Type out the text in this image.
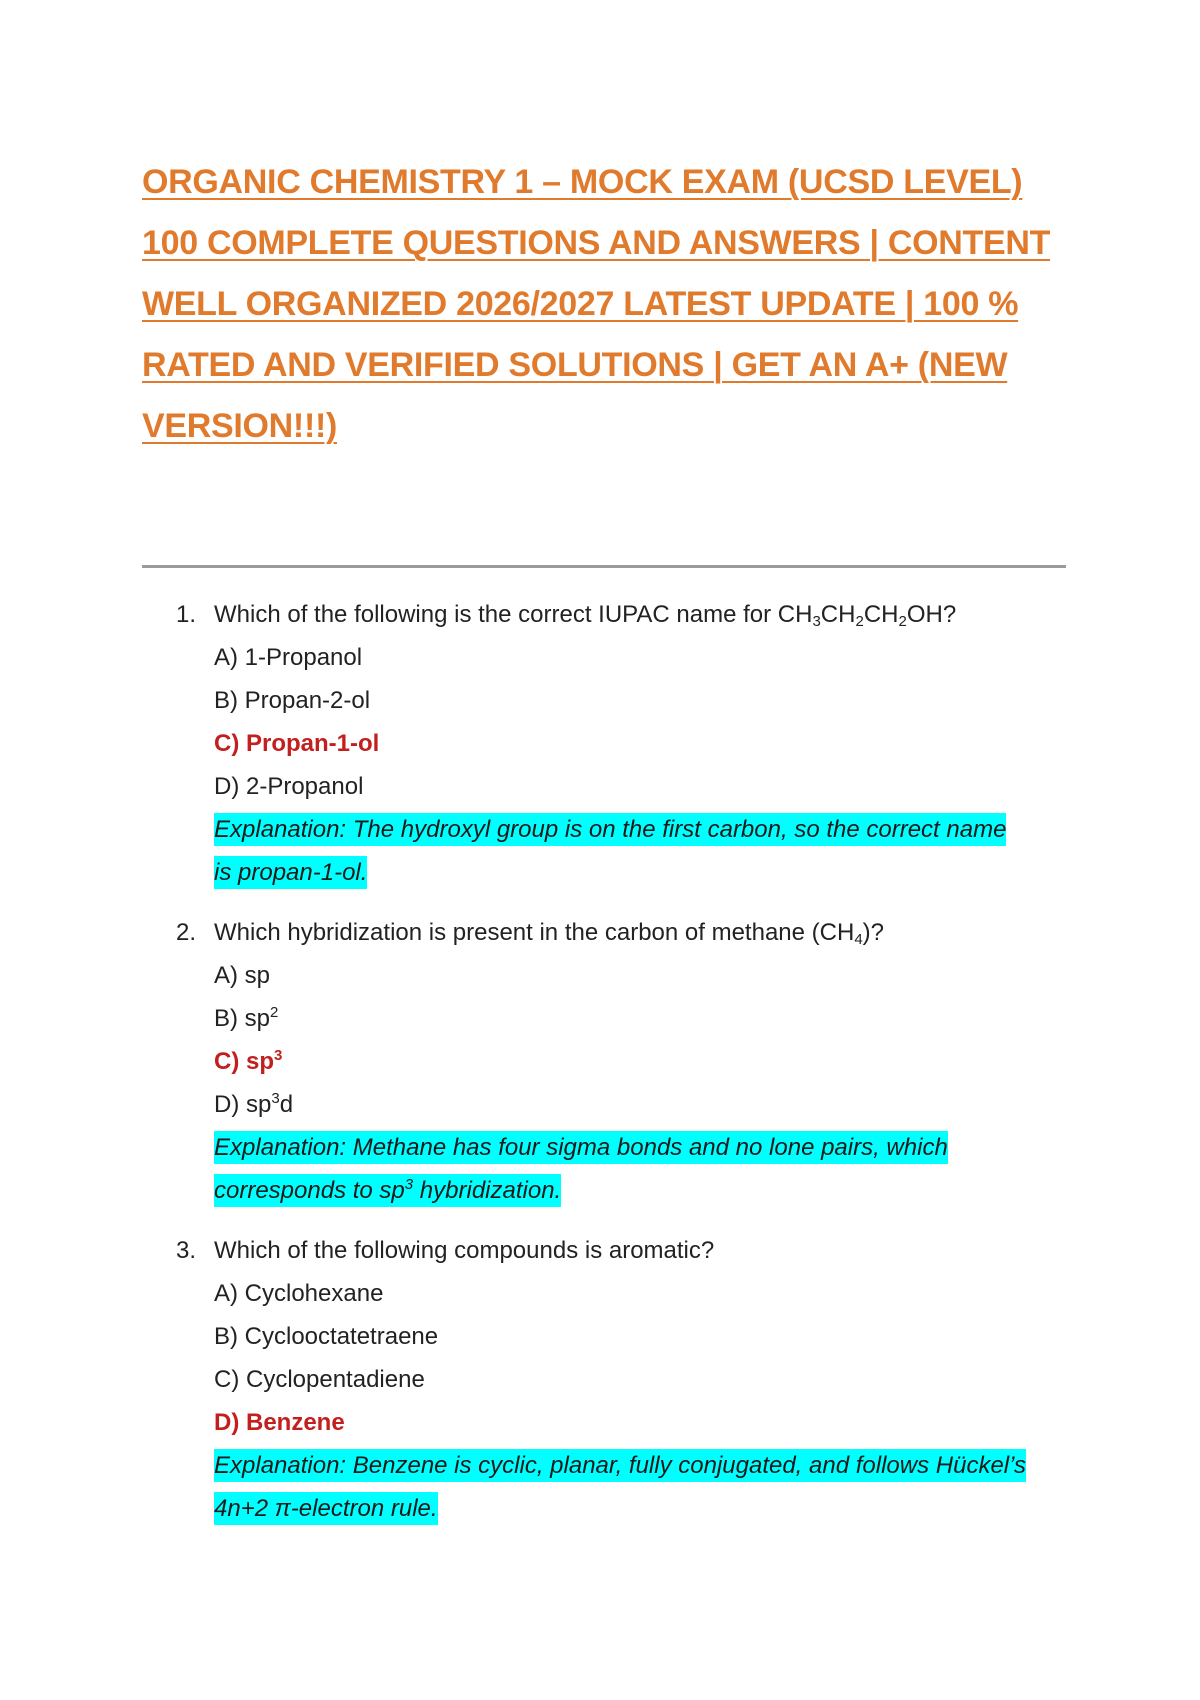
ORGANIC CHEMISTRY 1 – MOCK EXAM (UCSD LEVEL)
100 COMPLETE QUESTIONS AND ANSWERS | CONTENT
WELL ORGANIZED 2026/2027 LATEST UPDATE | 100 %
RATED AND VERIFIED SOLUTIONS | GET AN A+ (NEW
VERSION!!!)
1. Which of the following is the correct IUPAC name for $CH_3CH_2CH_2OH$?
A) 1-Propanol
B) Propan-2-ol
C) Propan-1-ol
D) 2-Propanol
Explanation: The hydroxyl group is on the first carbon, so the correct name
is propan-1-ol.
2. Which hybridization is present in the carbon of methane $(CH_4)$?
A) sp
B) $sp^2$
C) $sp^3$
D) $sp^3d$
Explanation: Methane has four sigma bonds and no lone pairs, which
corresponds to $sp^3$ hybridization.
3. Which of the following compounds is aromatic?
A) Cyclohexane
B) Cyclooctatetraene
C) Cyclopentadiene
D) Benzene
Explanation: Benzene is cyclic, planar, fully conjugated, and follows Hückel’s
4n+2 π-electron rule.
